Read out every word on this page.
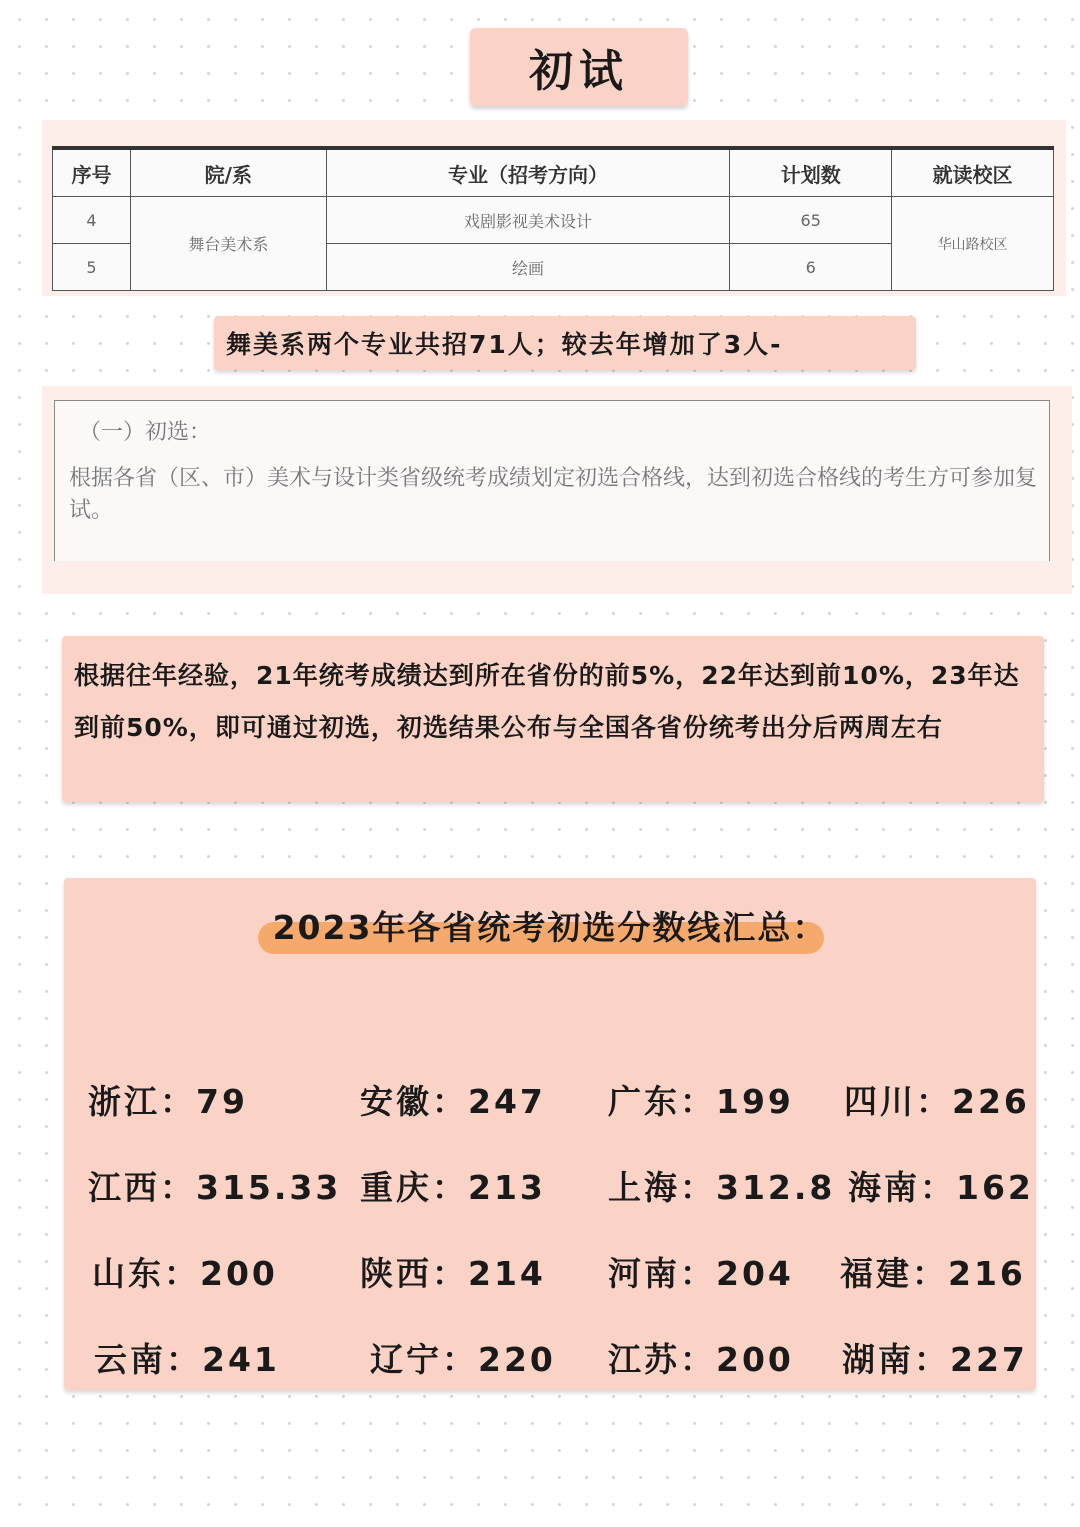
初试
序号	院/系	专业（招考方向）	计划数	就读校区
4	舞台美术系	戏剧影视美术设计	65	华山路校区
5		绘画	6	
舞美系两个专业共招71人；较去年增加了3人-
（一）初选：
根据各省（区、市）美术与设计类省级统考成绩划定初选合格线，达到初选合格线的考生方可参加复试。
根据往年经验，21年统考成绩达到所在省份的前5%，22年达到前10%，23年达到前50%，即可通过初选，初选结果公布与全国各省份统考出分后两周左右
2023年各省统考初选分数线汇总：
浙江：79	安徽：247 广东：199 四川：226
江西：315.33 重庆：213 上海：312.8 海南：162
山东：200 陕西：214 河南：204 福建：216
云南：241	辽宁：220 江苏：200 湖南：227
